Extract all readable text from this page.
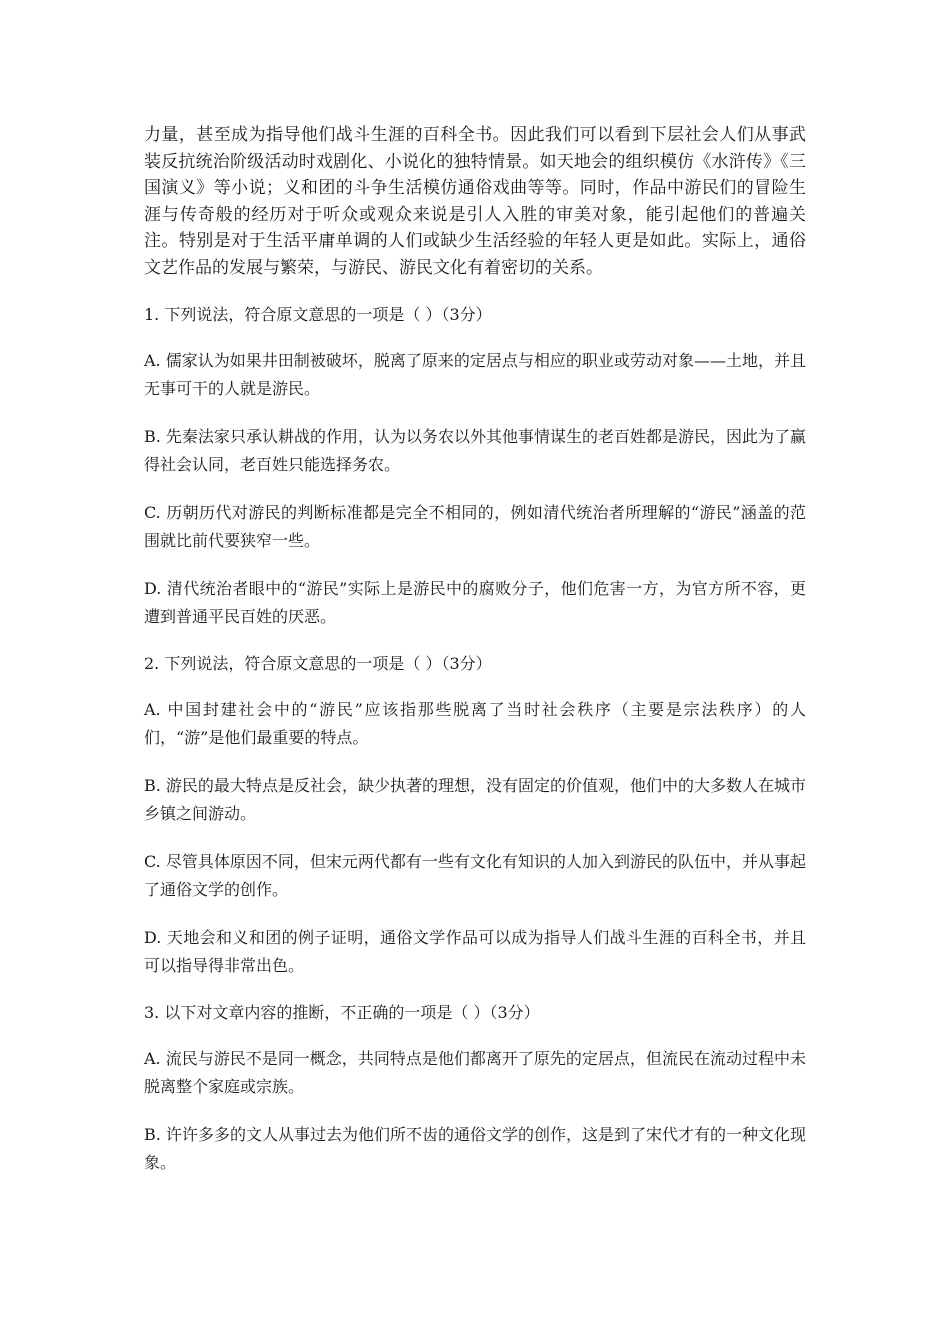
力量，甚至成为指导他们战斗生涯的百科全书。因此我们可以看到下层社会人们从事武装反抗统治阶级活动时戏剧化、小说化的独特情景。如天地会的组织模仿《水浒传》《三国演义》等小说；义和团的斗争生活模仿通俗戏曲等等。同时，作品中游民们的冒险生涯与传奇般的经历对于听众或观众来说是引人入胜的审美对象，能引起他们的普遍关注。特别是对于生活平庸单调的人们或缺少生活经验的年轻人更是如此。实际上，通俗文艺作品的发展与繁荣，与游民、游民文化有着密切的关系。

1. 下列说法，符合原文意思的一项是（ ）（3分）

A. 儒家认为如果井田制被破坏，脱离了原来的定居点与相应的职业或劳动对象——土地，并且无事可干的人就是游民。

B. 先秦法家只承认耕战的作用，认为以务农以外其他事情谋生的老百姓都是游民，因此为了赢得社会认同，老百姓只能选择务农。

C. 历朝历代对游民的判断标准都是完全不相同的，例如清代统治者所理解的“游民”涵盖的范围就比前代要狭窄一些。

D. 清代统治者眼中的“游民”实际上是游民中的腐败分子，他们危害一方，为官方所不容，更遭到普通平民百姓的厌恶。

2. 下列说法，符合原文意思的一项是（ ）（3分）

A. 中国封建社会中的“游民”应该指那些脱离了当时社会秩序（主要是宗法秩序）的人们，“游”是他们最重要的特点。

B. 游民的最大特点是反社会，缺少执著的理想，没有固定的价值观，他们中的大多数人在城市乡镇之间游动。

C. 尽管具体原因不同，但宋元两代都有一些有文化有知识的人加入到游民的队伍中，并从事起了通俗文学的创作。

D. 天地会和义和团的例子证明，通俗文学作品可以成为指导人们战斗生涯的百科全书，并且可以指导得非常出色。

3. 以下对文章内容的推断，不正确的一项是（ ）（3分）

A. 流民与游民不是同一概念，共同特点是他们都离开了原先的定居点，但流民在流动过程中未脱离整个家庭或宗族。

B. 许许多多的文人从事过去为他们所不齿的通俗文学的创作，这是到了宋代才有的一种文化现象。
